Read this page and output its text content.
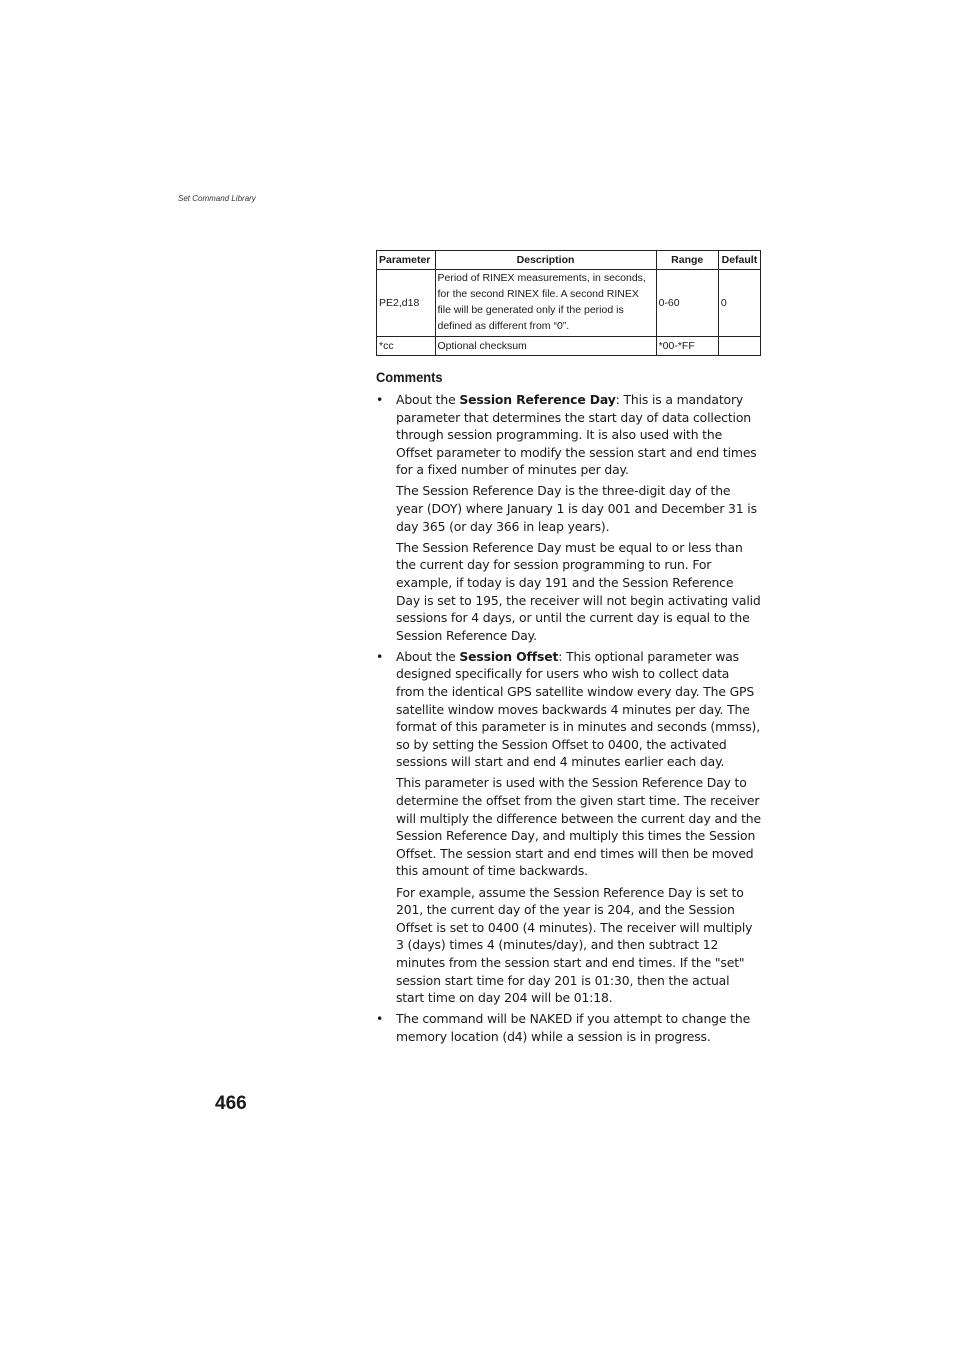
Set Command Library
Parameter	Description	Range	Default
PE2,d18	Period of RINEX measurements, in seconds,
for the second RINEX file. A second RINEX
file will be generated only if the period is
defined as different from “0”.	0-60	0
*cc	Optional checksum	*00-*FF	
Comments
• About the Session Reference Day: This is a mandatory parameter that determines the start day of data collection through session programming. It is also used with the Offset parameter to modify the session start and end times for a fixed number of minutes per day.

The Session Reference Day is the three-digit day of the year (DOY) where January 1 is day 001 and December 31 is day 365 (or day 366 in leap years).

The Session Reference Day must be equal to or less than the current day for session programming to run. For example, if today is day 191 and the Session Reference Day is set to 195, the receiver will not begin activating valid sessions for 4 days, or until the current day is equal to the Session Reference Day.

• About the Session Offset: This optional parameter was designed specifically for users who wish to collect data from the identical GPS satellite window every day. The GPS satellite window moves backwards 4 minutes per day. The format of this parameter is in minutes and seconds (mmss), so by setting the Session Offset to 0400, the activated sessions will start and end 4 minutes earlier each day.

This parameter is used with the Session Reference Day to determine the offset from the given start time. The receiver will multiply the difference between the current day and the Session Reference Day, and multiply this times the Session Offset. The session start and end times will then be moved this amount of time backwards.

For example, assume the Session Reference Day is set to 201, the current day of the year is 204, and the Session Offset is set to 0400 (4 minutes). The receiver will multiply 3 (days) times 4 (minutes/day), and then subtract 12 minutes from the session start and end times. If the "set" session start time for day 201 is 01:30, then the actual start time on day 204 will be 01:18.

• The command will be NAKED if you attempt to change the memory location (d4) while a session is in progress.

466
